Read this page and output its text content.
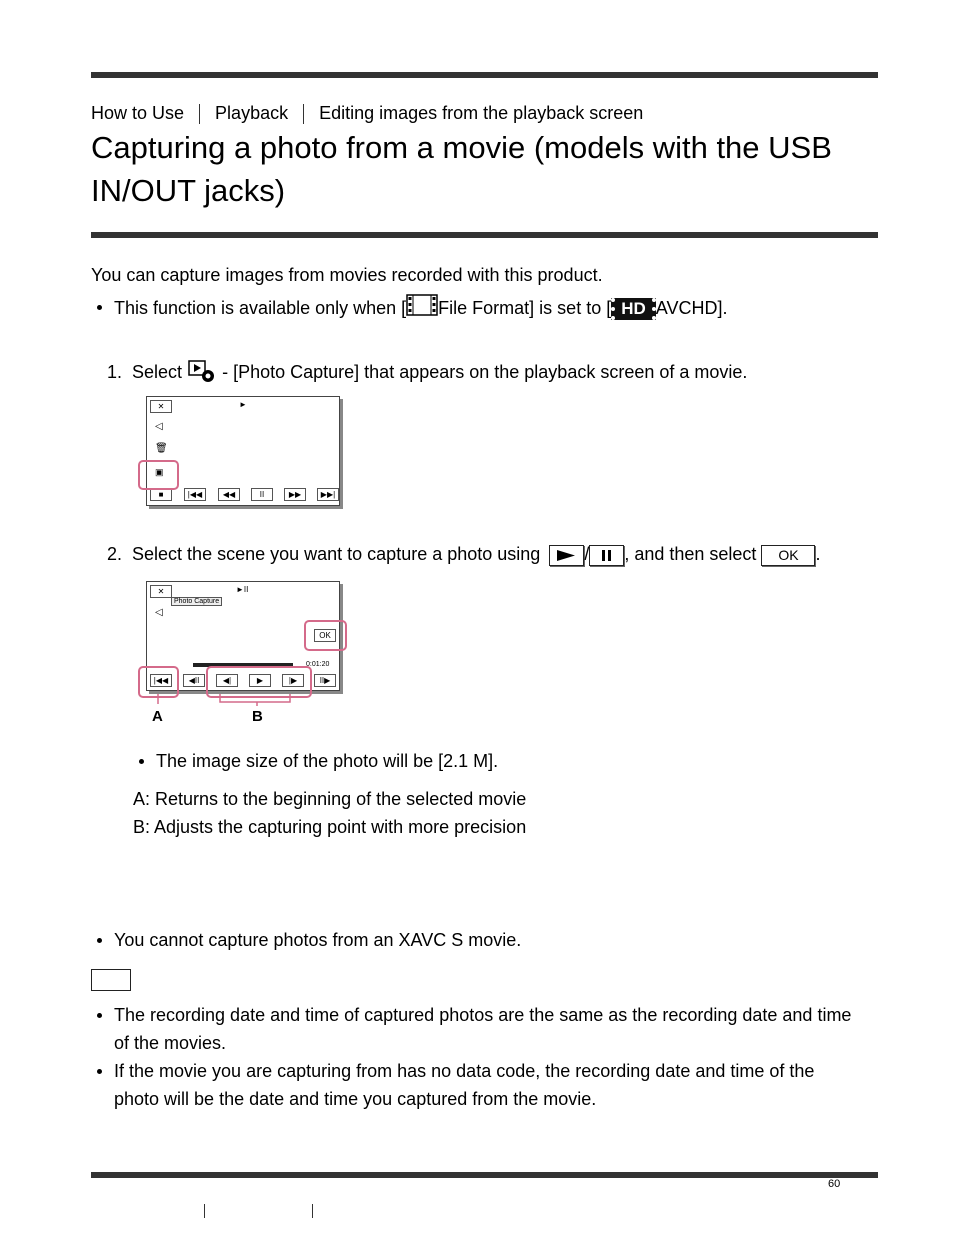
How to Use Playback Editing images from the playback screen
Capturing a photo from a movie (models with the USB IN/OUT jacks)
You can capture images from movies recorded with this product.
This function is available only when [ File Format] is set to [ HD AVCHD].
1. Select - [Photo Capture] that appears on the playback screen of a movie.
✕	►
◁
🗑
▣
■	|◀◀	◀◀	II	▶▶	▶▶|
2. Select the scene you want to capture a photo using / , and then select OK .
✕	►II
Photo Capture
◁
OK
0:01:20
|◀◀	◀II	◀|	▶	|▶	II▶
A	B
The image size of the photo will be [2.1 M].
A: Returns to the beginning of the selected movie
B: Adjusts the capturing point with more precision
You cannot capture photos from an XAVC S movie.
The recording date and time of captured photos are the same as the recording date and time of the movies.
If the movie you are capturing from has no data code, the recording date and time of the photo will be the date and time you captured from the movie.
60
